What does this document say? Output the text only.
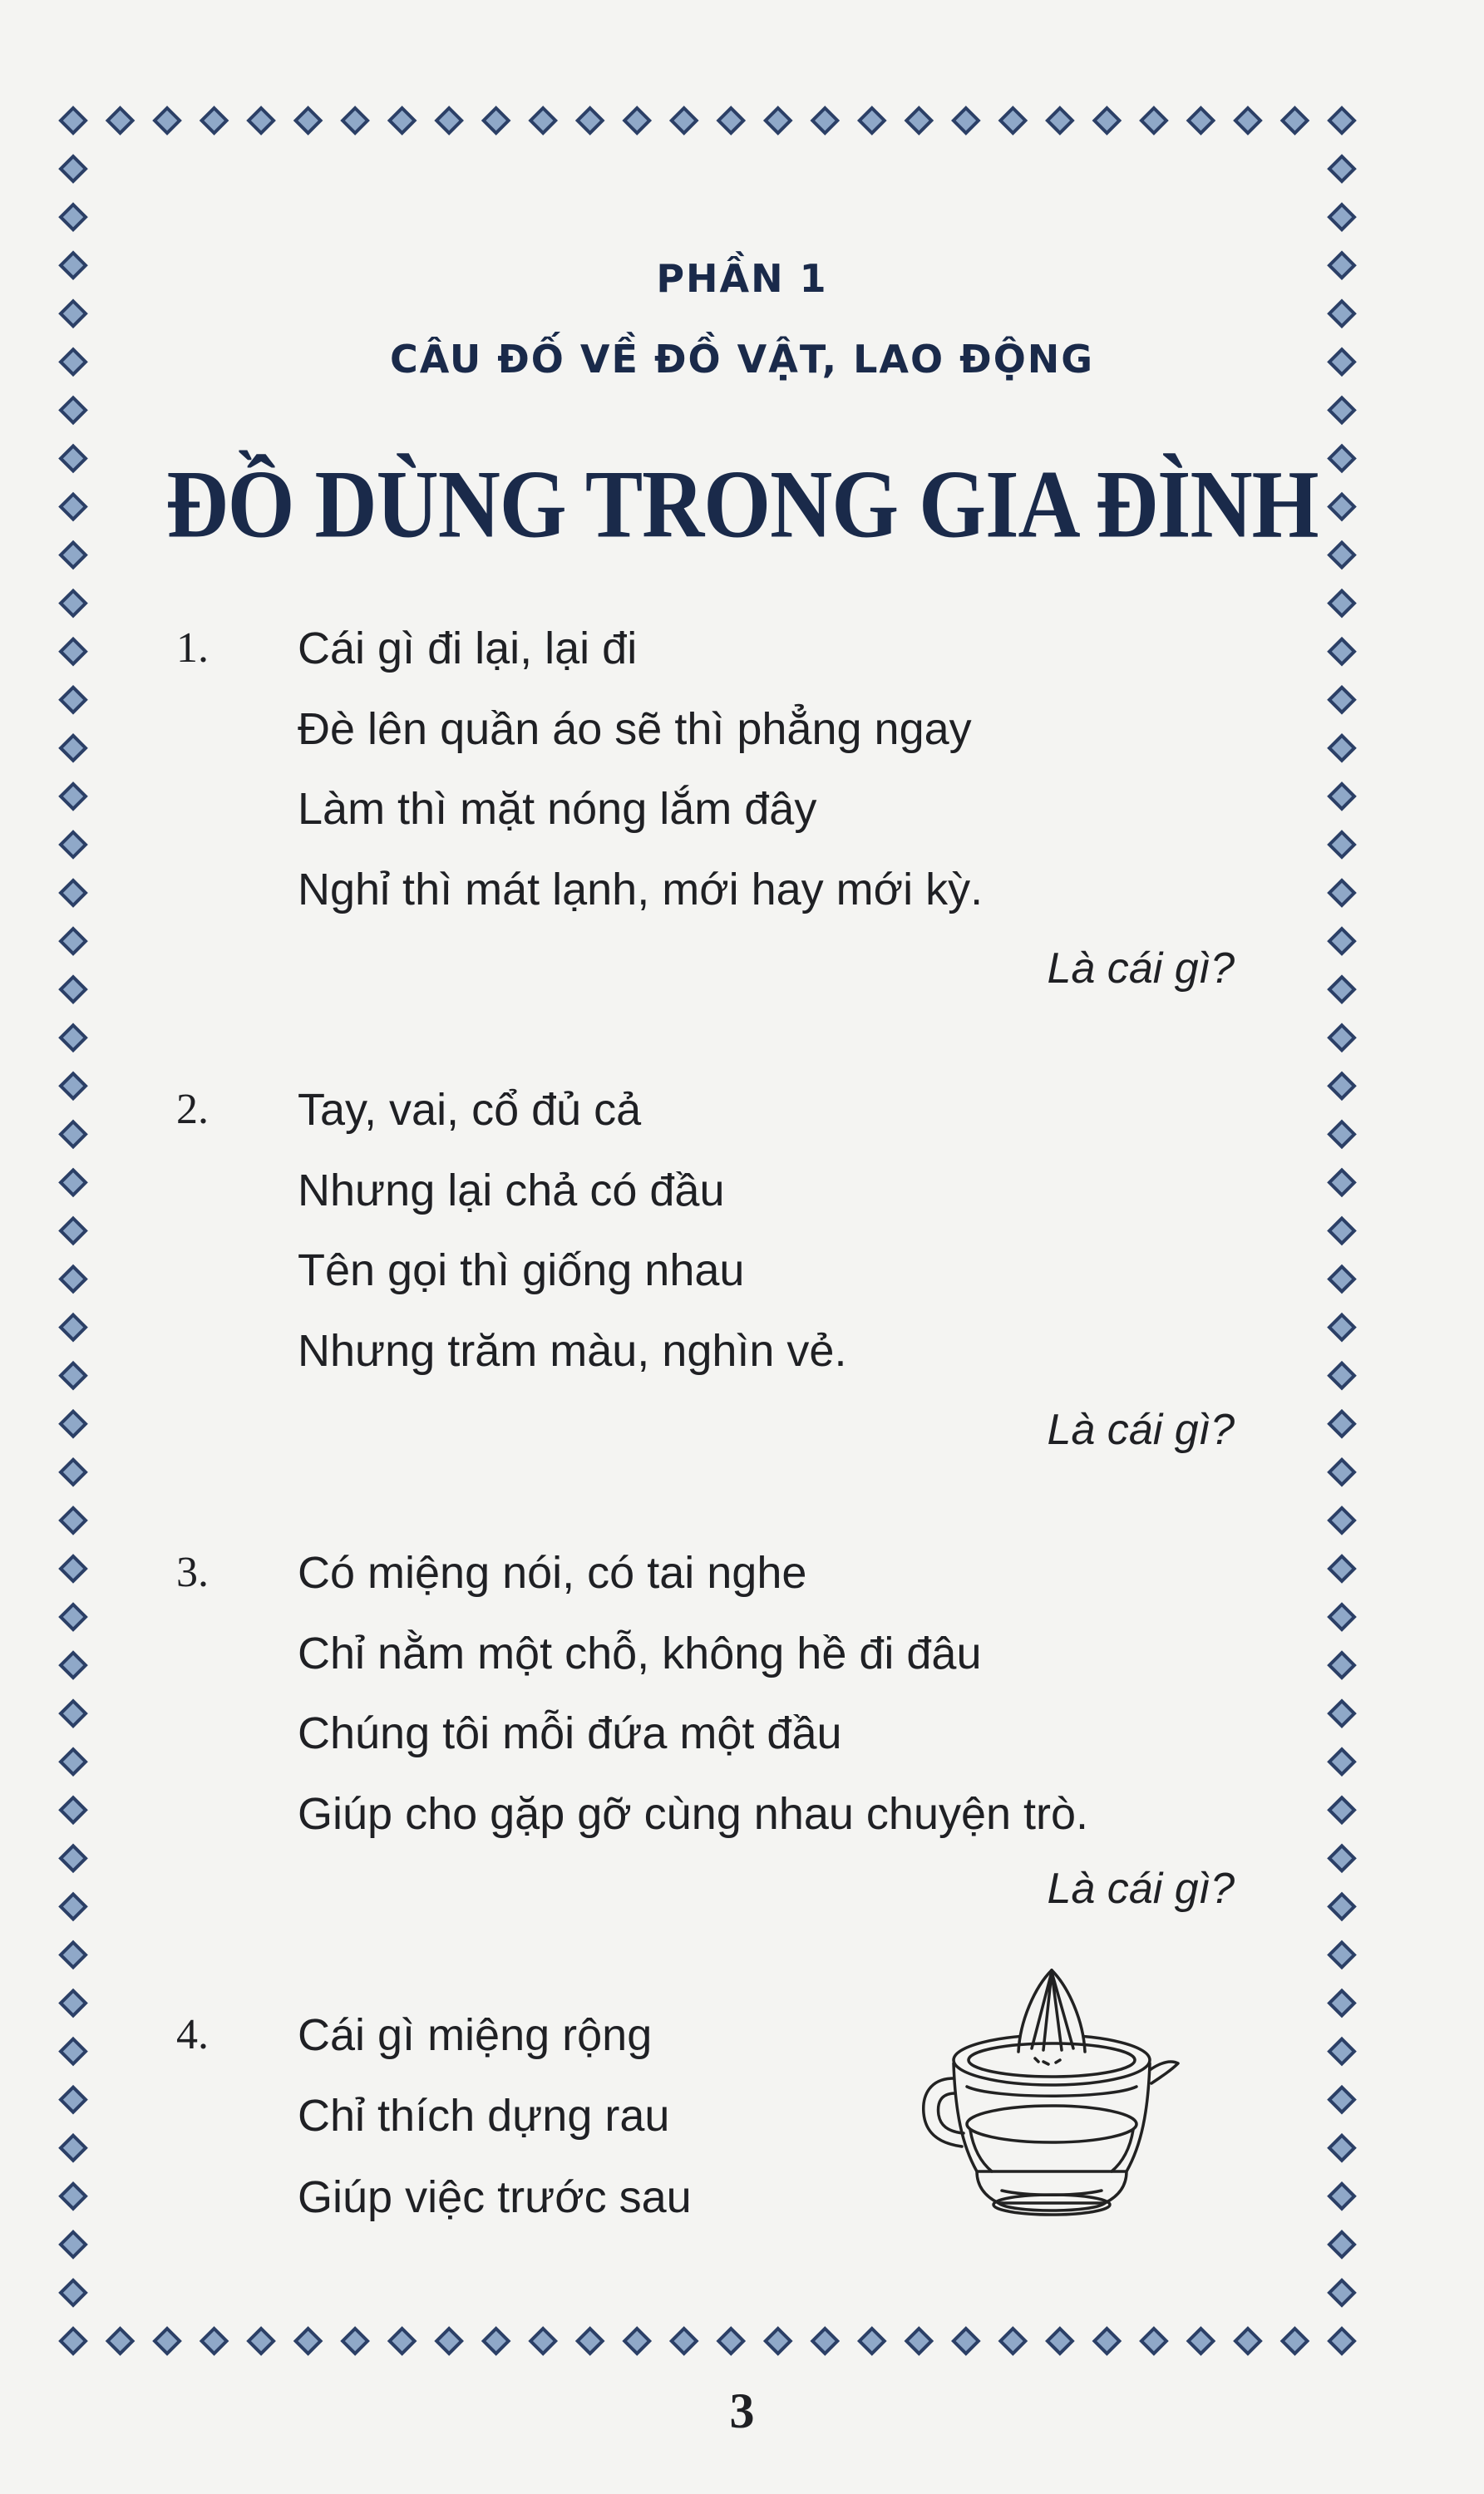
PHẦN 1
CÂU ĐỐ VỀ ĐỒ VẬT, LAO ĐỘNG
ĐỒ DÙNG TRONG GIA ĐÌNH
1. Cái gì đi lại, lại đi
Đè lên quần áo sẽ thì phẳng ngay
Làm thì mặt nóng lắm đây
Nghỉ thì mát lạnh, mới hay mới kỳ.
Là cái gì?
2. Tay, vai, cổ đủ cả
Nhưng lại chả có đầu
Tên gọi thì giống nhau
Nhưng trăm màu, nghìn vẻ.
Là cái gì?
3. Có miệng nói, có tai nghe
Chỉ nằm một chỗ, không hề đi đâu
Chúng tôi mỗi đứa một đầu
Giúp cho gặp gỡ cùng nhau chuyện trò.
Là cái gì?
4. Cái gì miệng rộng
Chỉ thích dựng rau
Giúp việc trước sau
3
